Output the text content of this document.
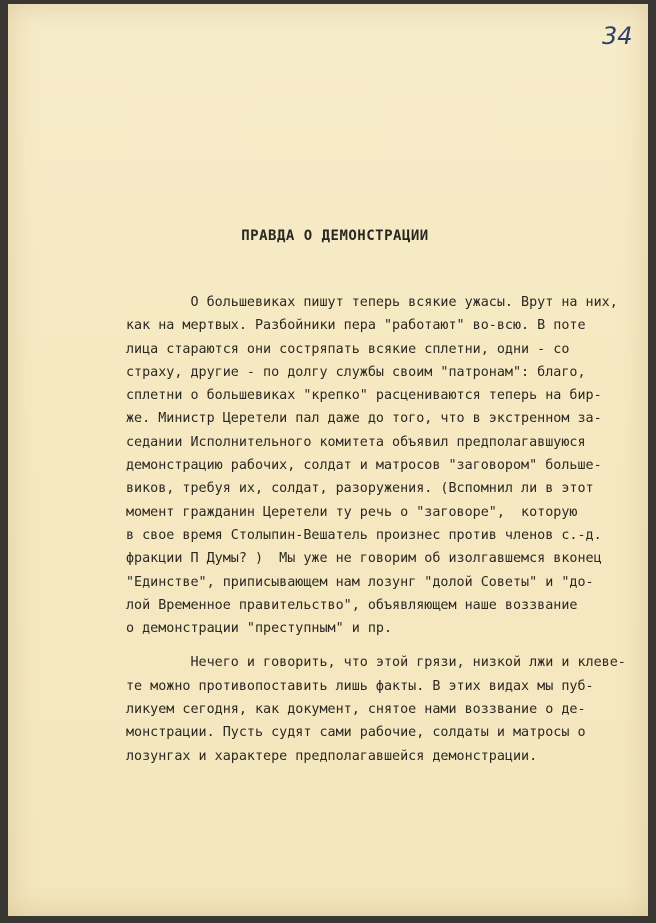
34

ПРАВДА О ДЕМОНСТРАЦИИ

О большевиках пишут теперь всякие ужасы. Врут на них,
как на мертвых. Разбойники пера "работают" во-всю. В поте
лица стараются они состряпать всякие сплетни, одни - со
страху, другие - по долгу службы своим "патронам": благо,
сплетни о большевиках "крепко" расцениваются теперь на бир-
же. Министр Церетели пал даже до того, что в экстренном за-
седании Исполнительного комитета объявил предполагавшуюся
демонстрацию рабочих, солдат и матросов "заговором" больше-
виков, требуя их, солдат, разоружения. (Вспомнил ли в этот
момент гражданин Церетели ту речь о "заговоре",  которую
в свое время Столыпин-Вешатель произнес против членов с.-д.
фракции П Думы? )  Мы уже не говорим об изолгавшемся вконец
"Единстве", приписывающем нам лозунг "долой Советы" и "до-
лой Временное правительство", объявляющем наше воззвание
о демонстрации "преступным" и пр.

Нечего и говорить, что этой грязи, низкой лжи и клеве-
те можно противопоставить лишь факты. В этих видах мы пуб-
ликуем сегодня, как документ, снятое нами воззвание о де-
монстрации. Пусть судят сами рабочие, солдаты и матросы о
лозунгах и характере предполагавшейся демонстрации.
